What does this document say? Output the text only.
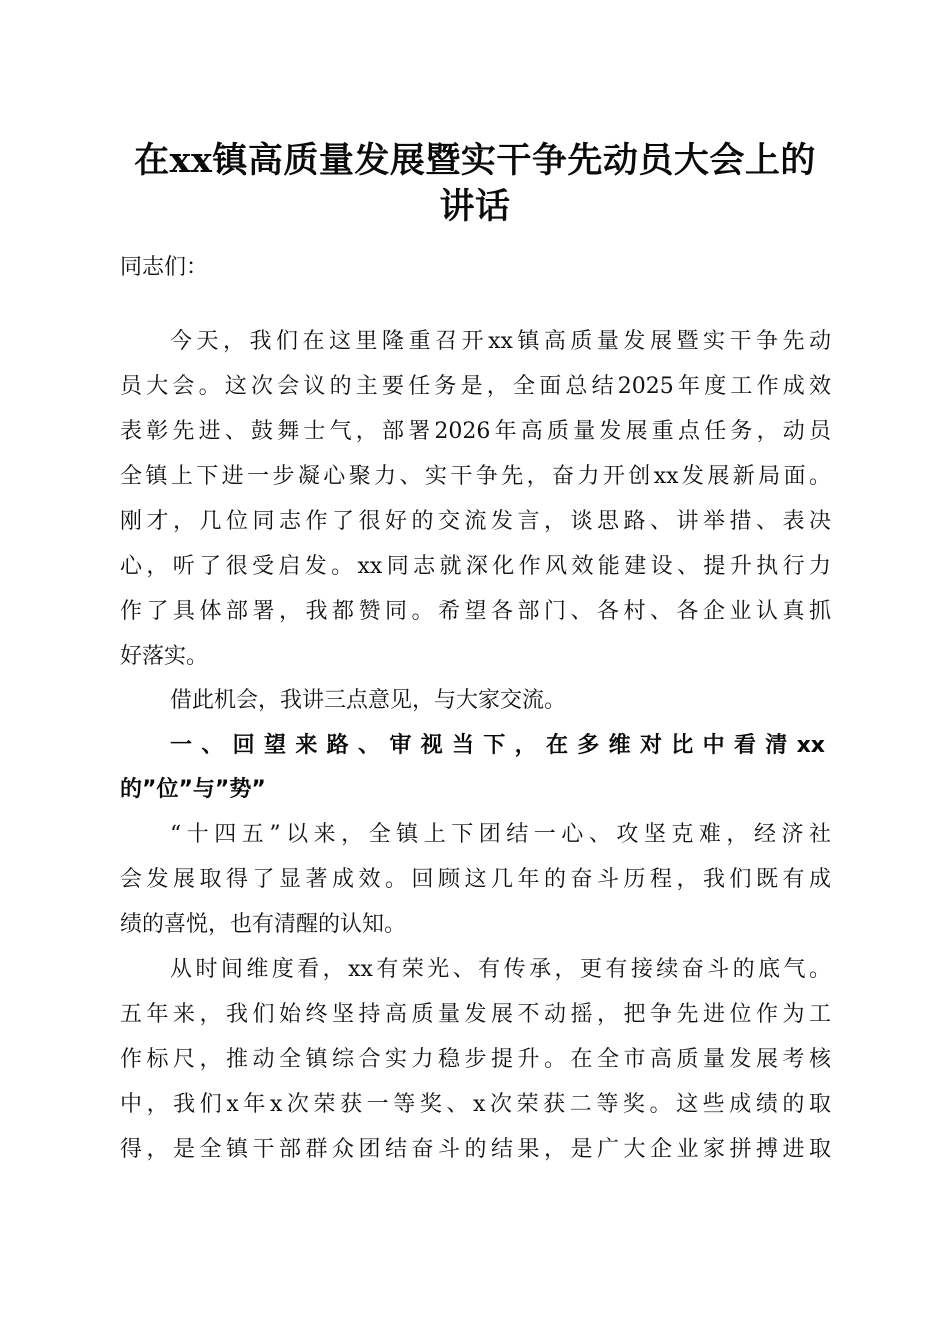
在xx镇高质量发展暨实干争先动员大会上的
讲话
同志们：
今天，我们在这里隆重召开xx镇高质量发展暨实干争先动
员大会。这次会议的主要任务是，全面总结2025年度工作成效
表彰先进、鼓舞士气，部署2026年高质量发展重点任务，动员
全镇上下进一步凝心聚力、实干争先，奋力开创xx发展新局面。
刚才，几位同志作了很好的交流发言，谈思路、讲举措、表决
心，听了很受启发。xx同志就深化作风效能建设、提升执行力
作了具体部署，我都赞同。希望各部门、各村、各企业认真抓
好落实。
借此机会，我讲三点意见，与大家交流。
一、回望来路、审视当下，在多维对比中看清xx
的”位”与”势”
“十四五”以来，全镇上下团结一心、攻坚克难，经济社
会发展取得了显著成效。回顾这几年的奋斗历程，我们既有成
绩的喜悦，也有清醒的认知。
从时间维度看，xx有荣光、有传承，更有接续奋斗的底气。
五年来，我们始终坚持高质量发展不动摇，把争先进位作为工
作标尺，推动全镇综合实力稳步提升。在全市高质量发展考核
中，我们x年x次荣获一等奖、x次荣获二等奖。这些成绩的取
得，是全镇干部群众团结奋斗的结果，是广大企业家拼搏进取
